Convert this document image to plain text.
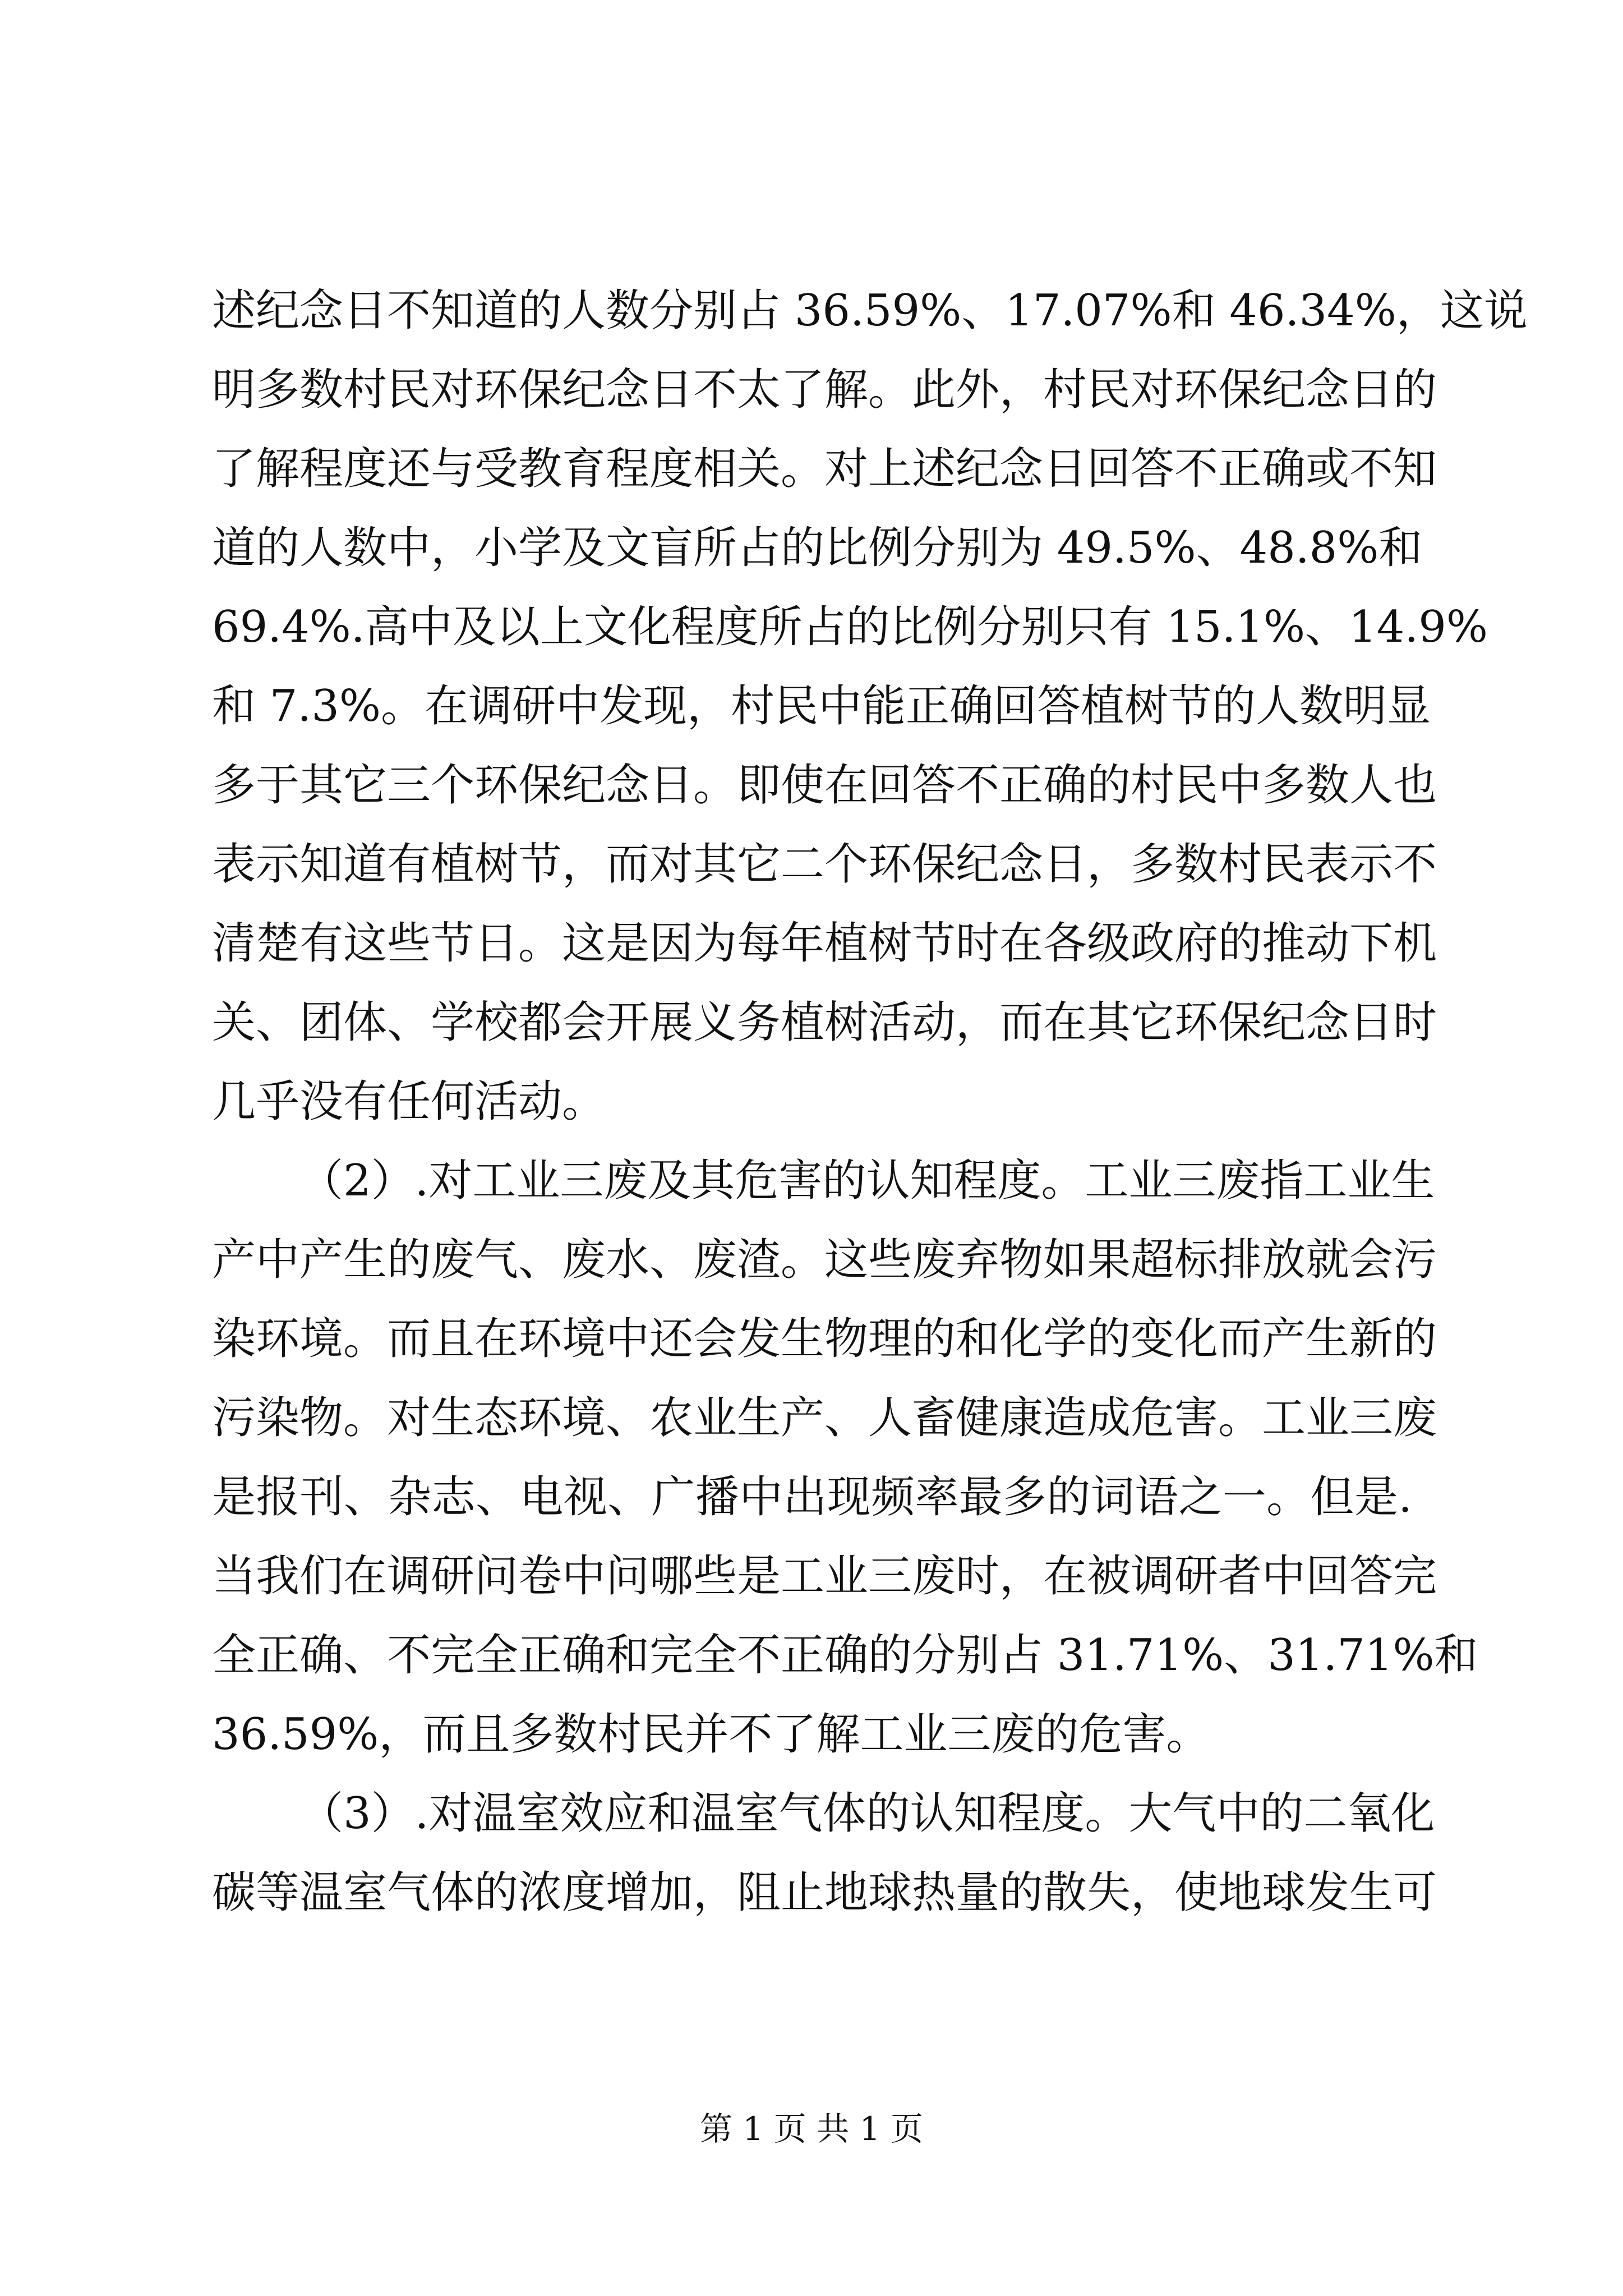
述纪念日不知道的人数分别占 36.59%、17.07%和 46.34%，这说
明多数村民对环保纪念日不太了解。此外，村民对环保纪念日的
了解程度还与受教育程度相关。对上述纪念日回答不正确或不知
道的人数中，小学及文盲所占的比例分别为 49.5%、48.8%和
69.4%.高中及以上文化程度所占的比例分别只有 15.1%、14.9%
和 7.3%。在调研中发现，村民中能正确回答植树节的人数明显
多于其它三个环保纪念日。即使在回答不正确的村民中多数人也
表示知道有植树节，而对其它二个环保纪念日，多数村民表示不
清楚有这些节日。这是因为每年植树节时在各级政府的推动下机
关、团体、学校都会开展义务植树活动，而在其它环保纪念日时
几乎没有任何活动。
（2）.对工业三废及其危害的认知程度。工业三废指工业生
产中产生的废气、废水、废渣。这些废弃物如果超标排放就会污
染环境。而且在环境中还会发生物理的和化学的变化而产生新的
污染物。对生态环境、农业生产、人畜健康造成危害。工业三废
是报刊、杂志、电视、广播中出现频率最多的词语之一。但是.
当我们在调研问卷中问哪些是工业三废时，在被调研者中回答完
全正确、不完全正确和完全不正确的分别占 31.71%、31.71%和
36.59%，而且多数村民并不了解工业三废的危害。
（3）.对温室效应和温室气体的认知程度。大气中的二氧化
碳等温室气体的浓度增加，阻止地球热量的散失，使地球发生可
第 1 页 共 1 页
